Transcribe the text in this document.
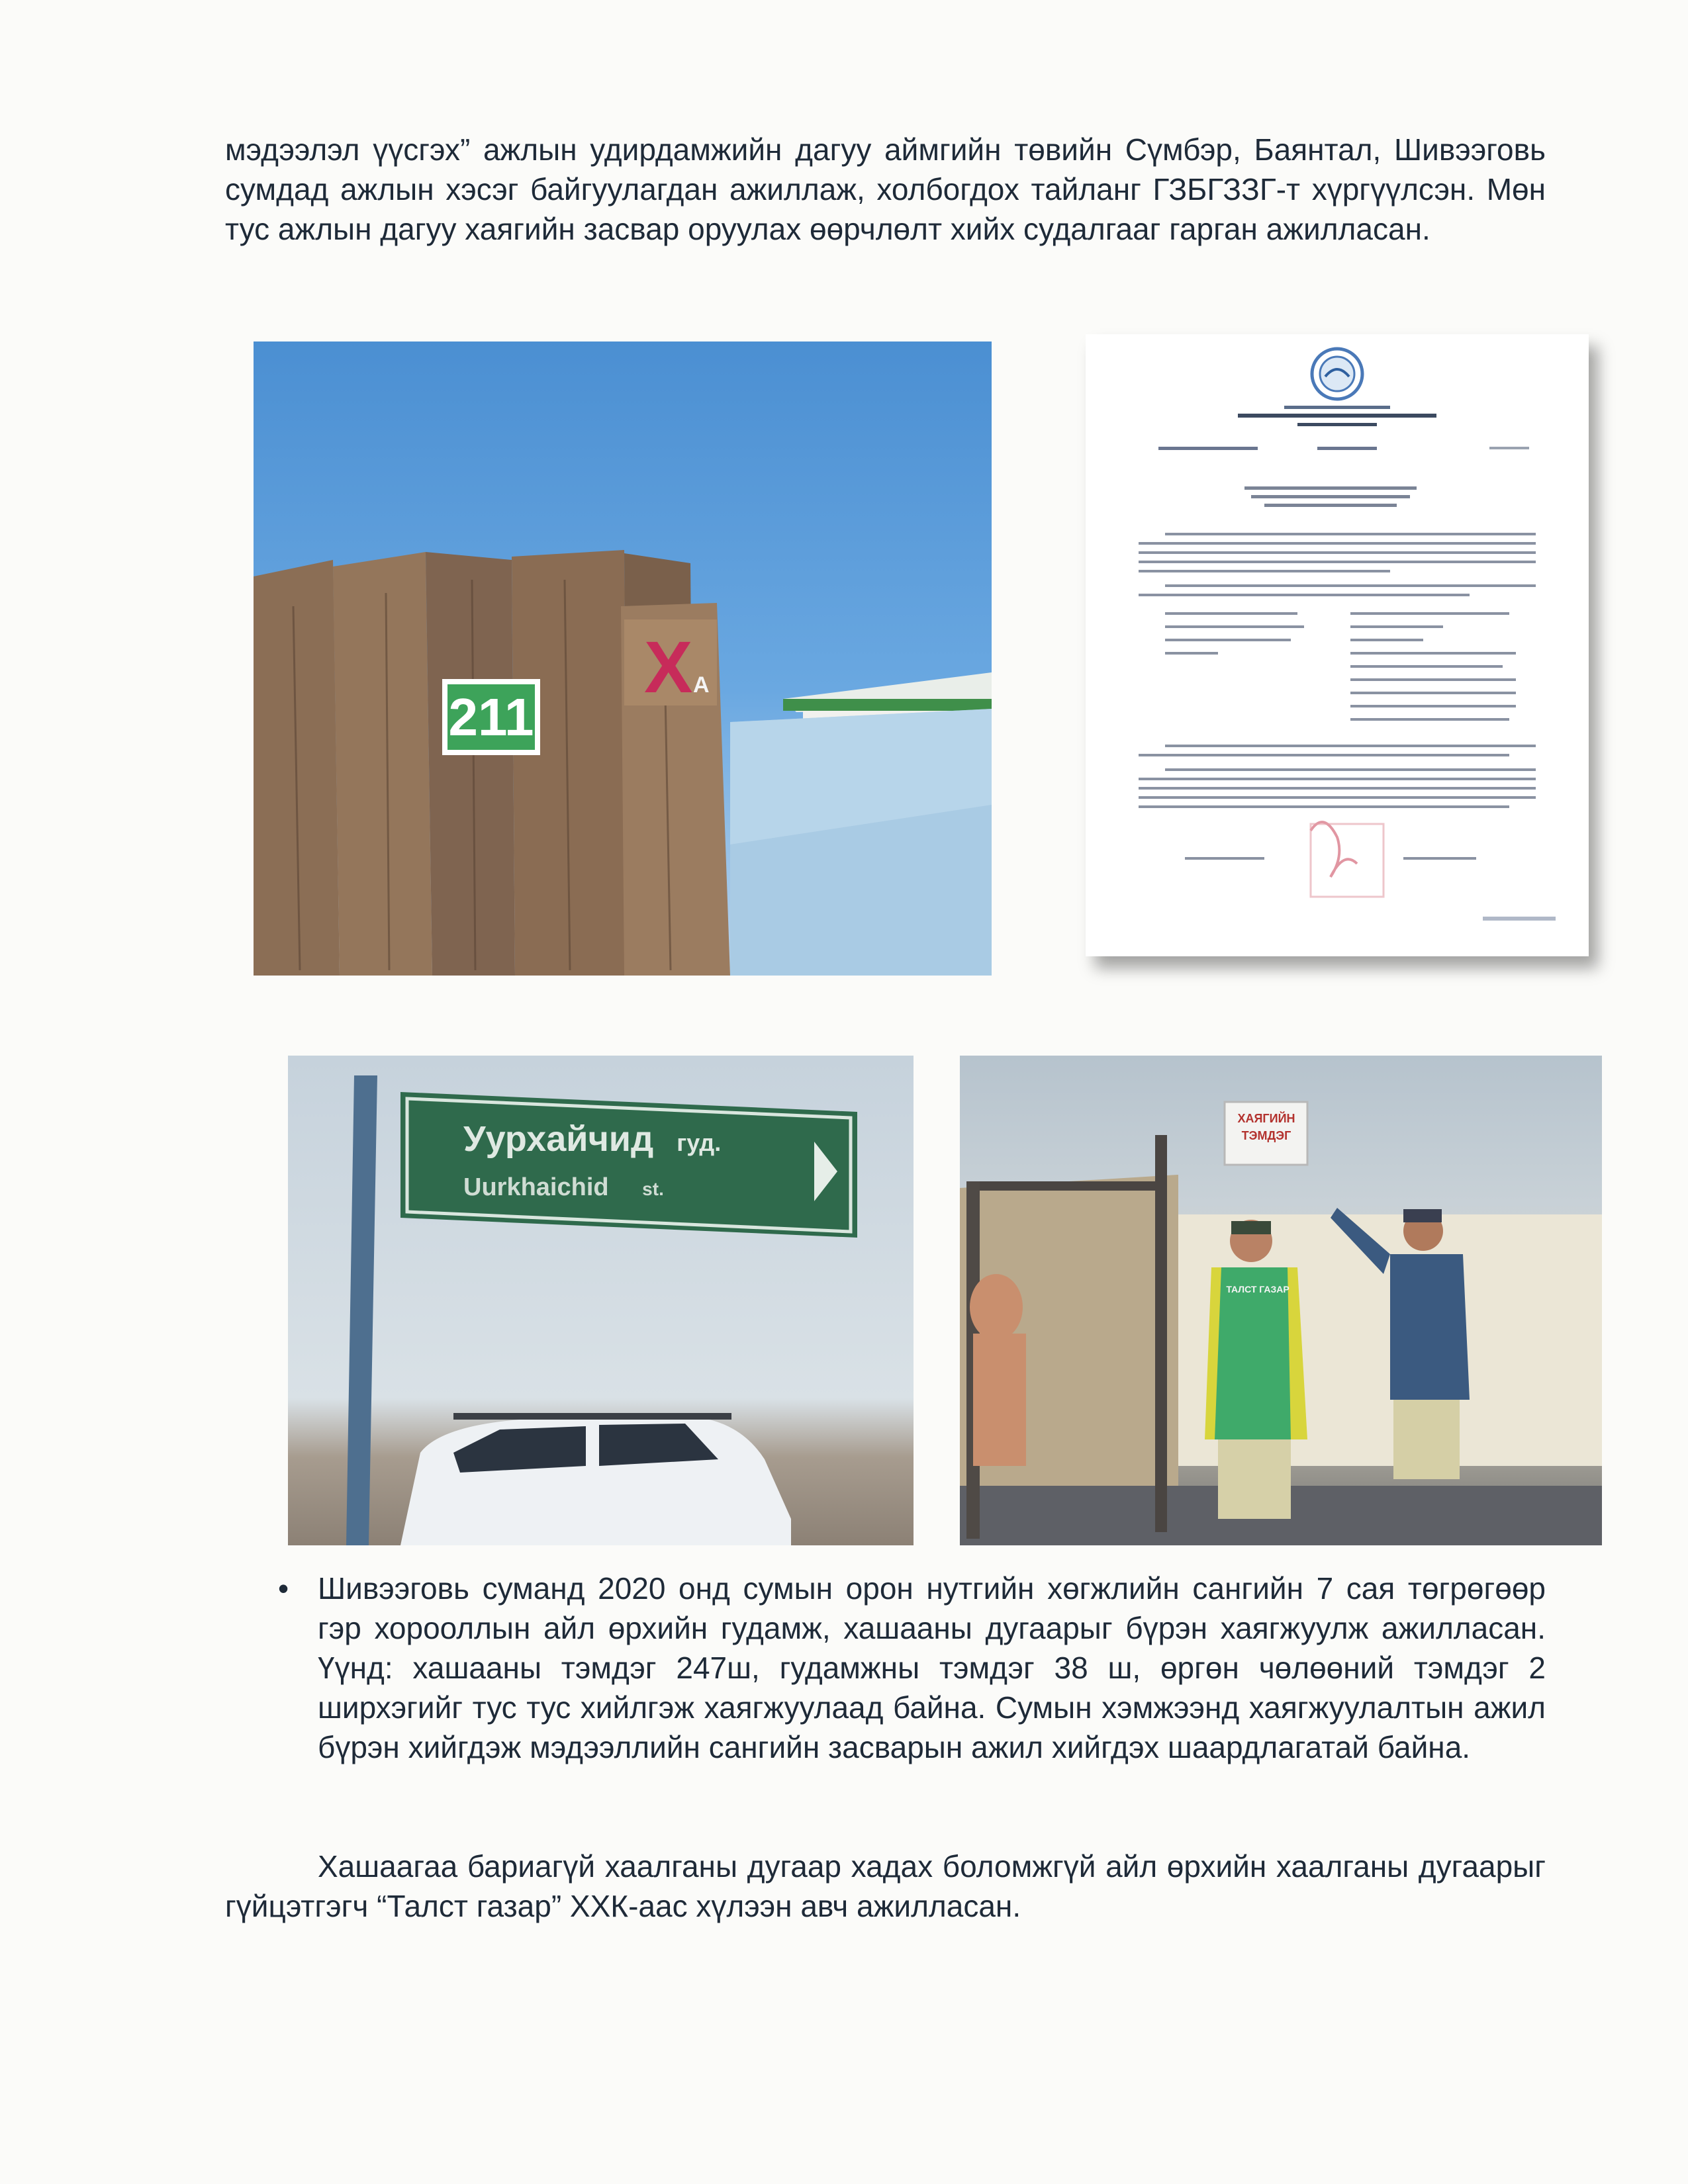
мэдээлэл үүсгэх” ажлын удирдамжийн дагуу аймгийн төвийн Сүмбэр, Баянтал, Шивээговь сумдад ажлын хэсэг байгуулагдан ажиллаж, холбогдох тайланг ГЗБГЗЗГ-т хүргүүлсэн. Мөн тус ажлын дагуу хаягийн засвар оруулах өөрчлөлт хийх судалгааг гарган ажилласан.

X
211
А
Уурхайчид гуд.
Uurkhaichid st.
ХАЯГИЙН
ТЭМДЭГ
ТАЛСТ ГАЗАР
• Шивээговь суманд 2020 онд сумын орон нутгийн хөгжлийн сангийн 7 сая төгрөгөөр гэр хорооллын айл өрхийн гудамж, хашааны дугаарыг бүрэн хаягжуулж ажилласан. Үүнд: хашааны тэмдэг 247ш, гудамжны тэмдэг 38 ш, өргөн чөлөөний тэмдэг 2 ширхэгийг тус тус хийлгэж хаягжуулаад байна. Сумын хэмжээнд хаягжуулалтын ажил бүрэн хийгдэж мэдээллийн сангийн засварын ажил хийгдэх шаардлагатай байна.

Хашаагаа бариагүй хаалганы дугаар хадах боломжгүй айл өрхийн хаалганы дугаарыг гүйцэтгэгч “Талст газар” ХХК-аас хүлээн авч ажилласан.
